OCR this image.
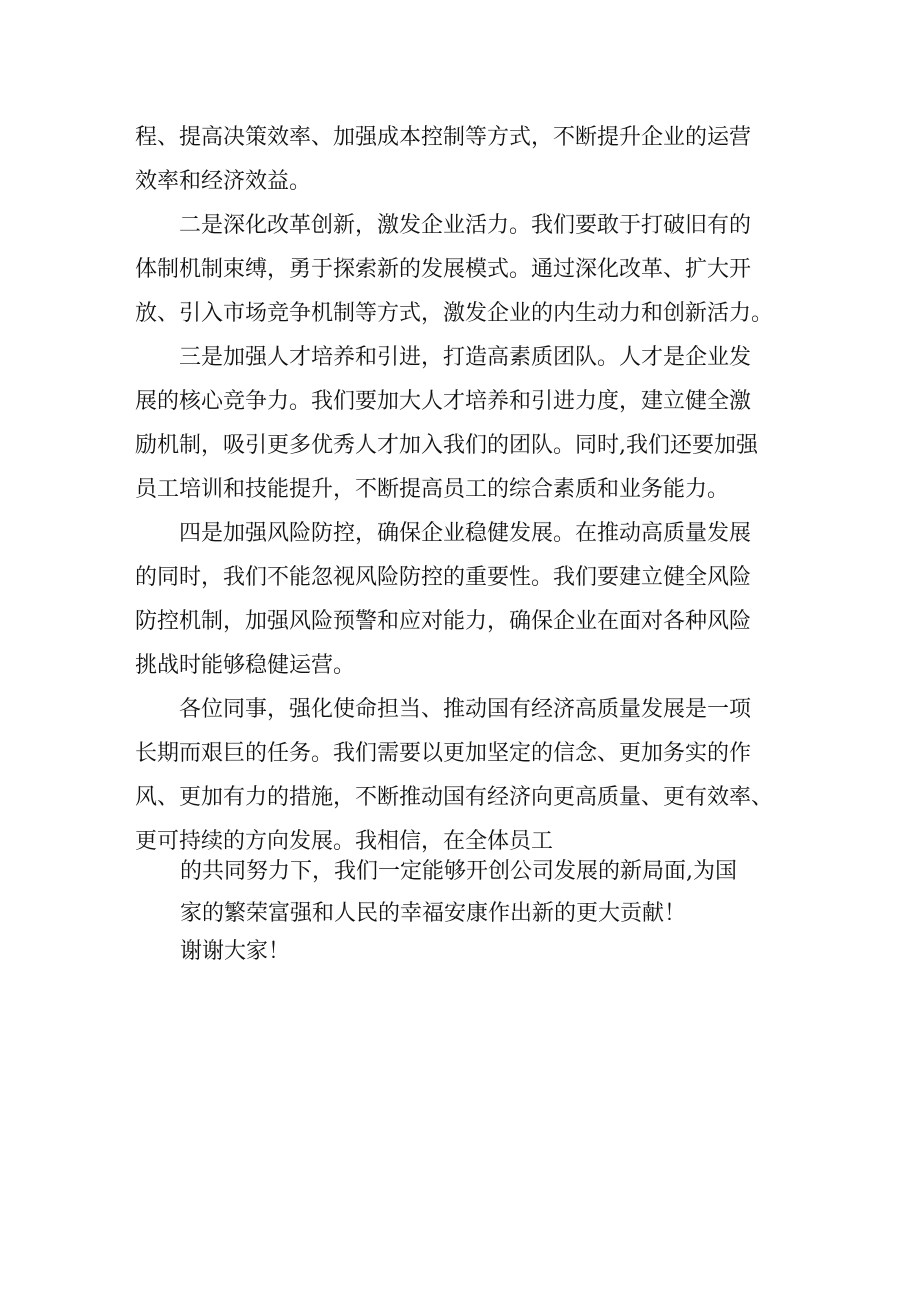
程、提高决策效率、加强成本控制等方式，不断提升企业的运营
效率和经济效益。
二是深化改革创新，激发企业活力。我们要敢于打破旧有的
体制机制束缚，勇于探索新的发展模式。通过深化改革、扩大开
放、引入市场竞争机制等方式，激发企业的内生动力和创新活力。
三是加强人才培养和引进，打造高素质团队。人才是企业发
展的核心竞争力。我们要加大人才培养和引进力度，建立健全激
励机制，吸引更多优秀人才加入我们的团队。同时,我们还要加强
员工培训和技能提升，不断提高员工的综合素质和业务能力。
四是加强风险防控，确保企业稳健发展。在推动高质量发展
的同时，我们不能忽视风险防控的重要性。我们要建立健全风险
防控机制，加强风险预警和应对能力，确保企业在面对各种风险
挑战时能够稳健运营。
各位同事，强化使命担当、推动国有经济高质量发展是一项
长期而艰巨的任务。我们需要以更加坚定的信念、更加务实的作
风、更加有力的措施，不断推动国有经济向更高质量、更有效率、
更可持续的方向发展。我相信，在全体员工
的共同努力下，我们一定能够开创公司发展的新局面,为国
家的繁荣富强和人民的幸福安康作出新的更大贡献！
谢谢大家！
